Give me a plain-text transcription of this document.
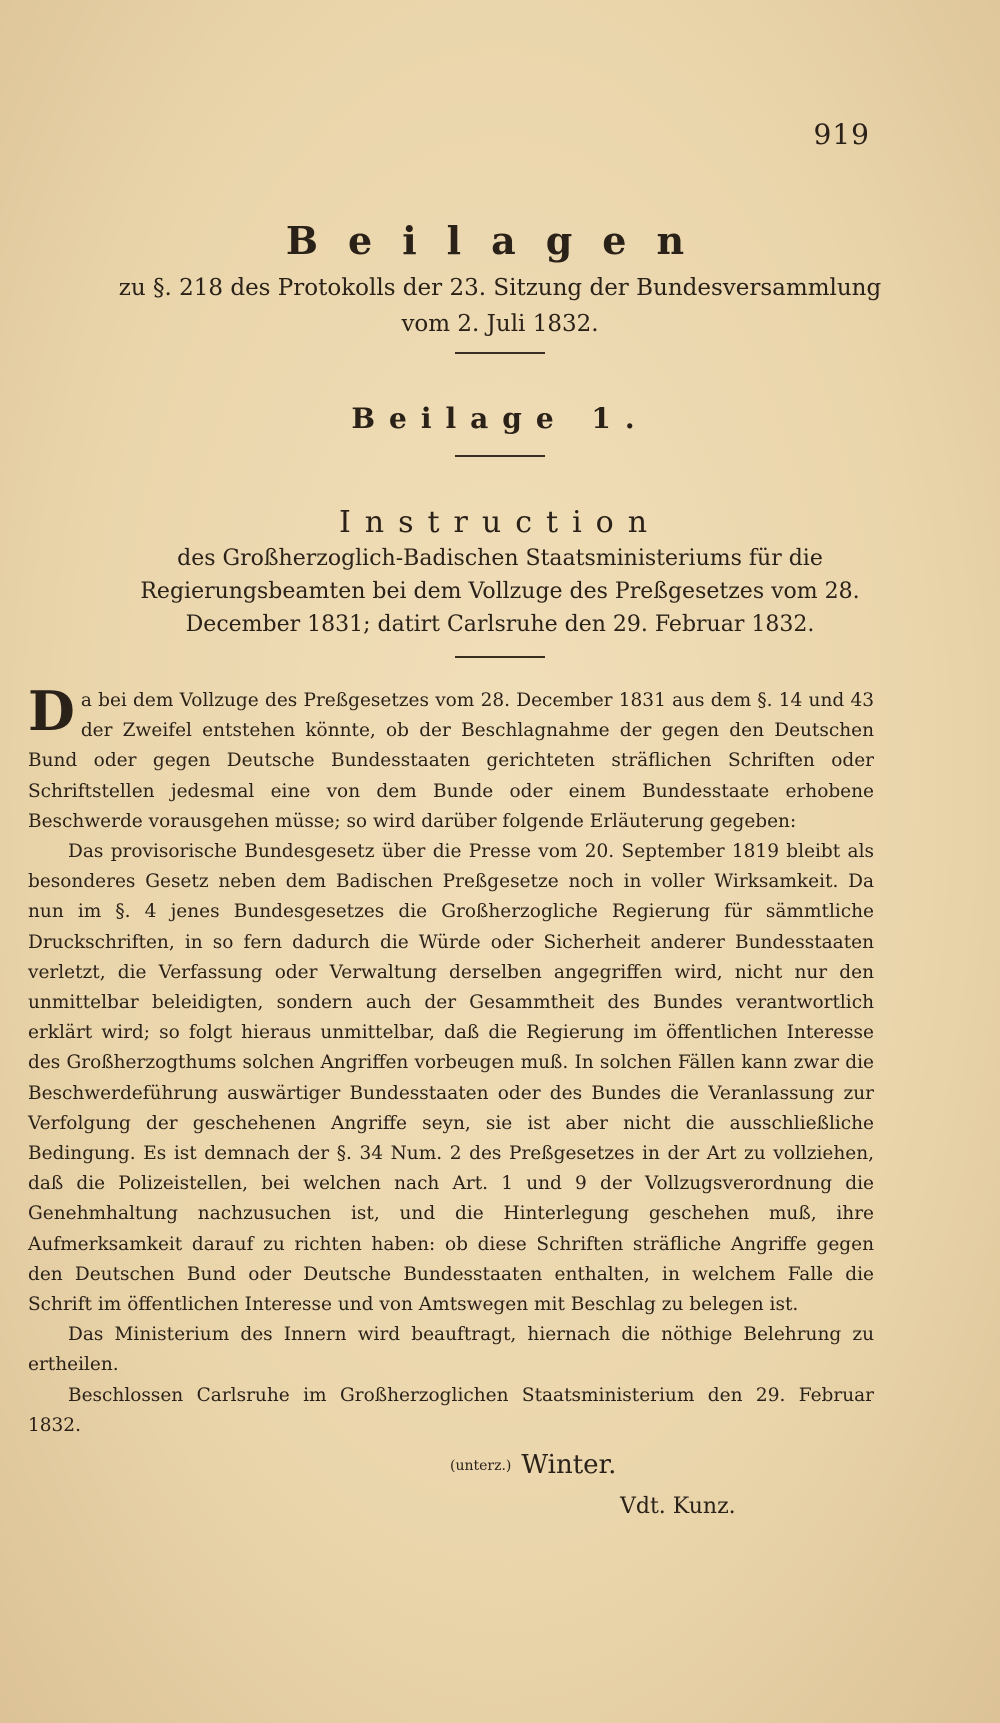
919
Beilagen
zu §. 218 des Protokolls der 23. Sitzung der Bundesversammlung
vom 2. Juli 1832.
Beilage 1.
Instruction
des Großherzoglich-Badischen Staatsministeriums für die Regierungsbeamten bei dem Vollzuge des Preßgesetzes vom 28. December 1831; datirt Carlsruhe den 29. Februar 1832.

Da bei dem Vollzuge des Preßgesetzes vom 28. December 1831 aus dem §. 14 und 43 der Zweifel entstehen könnte, ob der Beschlagnahme der gegen den Deutschen Bund oder gegen Deutsche Bundesstaaten gerichteten sträflichen Schriften oder Schriftstellen jedesmal eine von dem Bunde oder einem Bundesstaate erhobene Beschwerde vorausgehen müsse; so wird darüber folgende Erläuterung gegeben:

Das provisorische Bundesgesetz über die Presse vom 20. September 1819 bleibt als besonderes Gesetz neben dem Badischen Preßgesetze noch in voller Wirksamkeit. Da nun im §. 4 jenes Bundesgesetzes die Großherzogliche Regierung für sämmtliche Druckschriften, in so fern dadurch die Würde oder Sicherheit anderer Bundesstaaten verletzt, die Verfassung oder Verwaltung derselben angegriffen wird, nicht nur den unmittelbar beleidigten, sondern auch der Gesammtheit des Bundes verantwortlich erklärt wird; so folgt hieraus unmittelbar, daß die Regierung im öffentlichen Interesse des Großherzogthums solchen Angriffen vorbeugen muß. In solchen Fällen kann zwar die Beschwerdeführung auswärtiger Bundesstaaten oder des Bundes die Veranlassung zur Verfolgung der geschehenen Angriffe seyn, sie ist aber nicht die ausschließliche Bedingung. Es ist demnach der §. 34 Num. 2 des Preßgesetzes in der Art zu vollziehen, daß die Polizeistellen, bei welchen nach Art. 1 und 9 der Vollzugsverordnung die Genehmhaltung nachzusuchen ist, und die Hinterlegung geschehen muß, ihre Aufmerksamkeit darauf zu richten haben: ob diese Schriften sträfliche Angriffe gegen den Deutschen Bund oder Deutsche Bundesstaaten enthalten, in welchem Falle die Schrift im öffentlichen Interesse und von Amtswegen mit Beschlag zu belegen ist.

Das Ministerium des Innern wird beauftragt, hiernach die nöthige Belehrung zu ertheilen.

Beschlossen Carlsruhe im Großherzoglichen Staatsministerium den 29. Februar 1832.

(unterz.) Winter.
Vdt. Kunz.
